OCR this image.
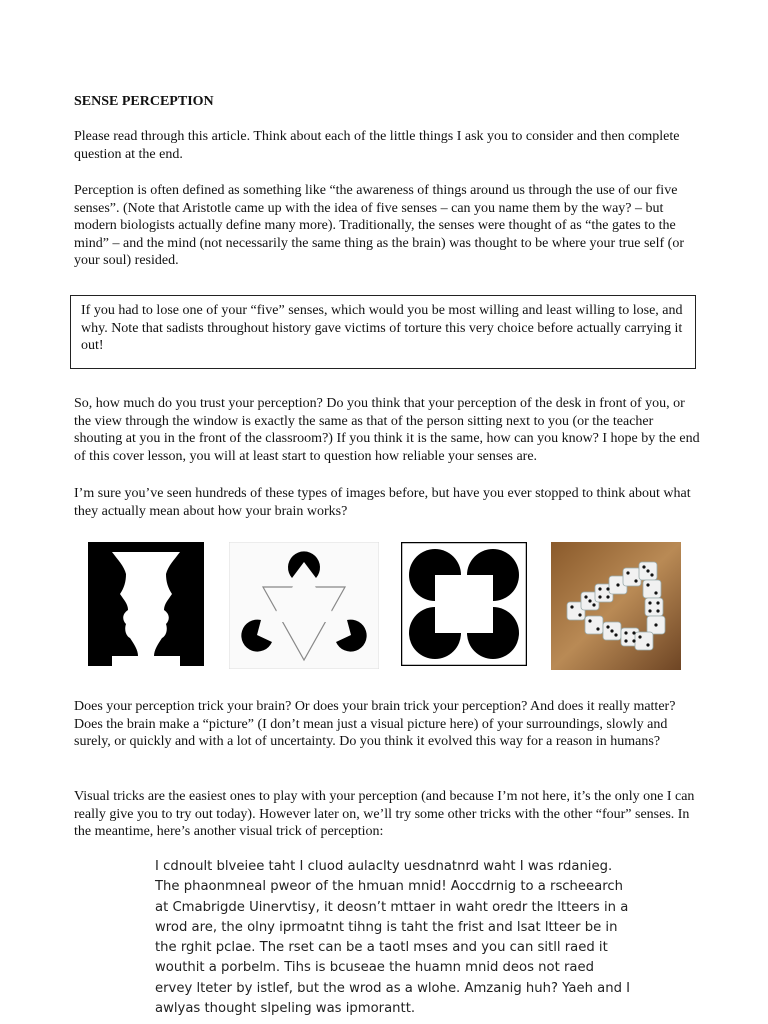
SENSE PERCEPTION

Please read through this article. Think about each of the little things I ask you to consider and then complete question at the end.

Perception is often defined as something like “the awareness of things around us through the use of our five senses”. (Note that Aristotle came up with the idea of five senses – can you name them by the way? – but modern biologists actually define many more). Traditionally, the senses were thought of as “the gates to the mind” – and the mind (not necessarily the same thing as the brain) was thought to be where your true self (or your soul) resided.

If you had to lose one of your “five” senses, which would you be most willing and least willing to lose, and why. Note that sadists throughout history gave victims of torture this very choice before actually carrying it out!

So, how much do you trust your perception? Do you think that your perception of the desk in front of you, or the view through the window is exactly the same as that of the person sitting next to you (or the teacher shouting at you in the front of the classroom?) If you think it is the same, how can you know? I hope by the end of this cover lesson, you will at least start to question how reliable your senses are.

I’m sure you’ve seen hundreds of these types of images before, but have you ever stopped to think about what they actually mean about how your brain works?

Does your perception trick your brain? Or does your brain trick your perception? And does it really matter? Does the brain make a “picture” (I don’t mean just a visual picture here) of your surroundings, slowly and surely, or quickly and with a lot of uncertainty. Do you think it evolved this way for a reason in humans?

Visual tricks are the easiest ones to play with your perception (and because I’m not here, it’s the only one I can really give you to try out today). However later on, we’ll try some other tricks with the other “four” senses. In the meantime, here’s another visual trick of perception:

I cdnoult blveiee taht I cluod aulaclty uesdnatnrd waht I was rdanieg. The phaonmneal pweor of the hmuan mnid! Aoccdrnig to a rscheearch at Cmabrigde Uinervtisy, it deosn’t mttaer in waht oredr the ltteers in a wrod are, the olny iprmoatnt tihng is taht the frist and lsat ltteer be in the rghit pclae. The rset can be a taotl mses and you can sitll raed it wouthit a porbelm. Tihs is bcuseae the huamn mnid deos not raed ervey lteter by istlef, but the wrod as a wlohe. Amzanig huh? Yaeh and I awlyas thought slpeling was ipmorantt.
